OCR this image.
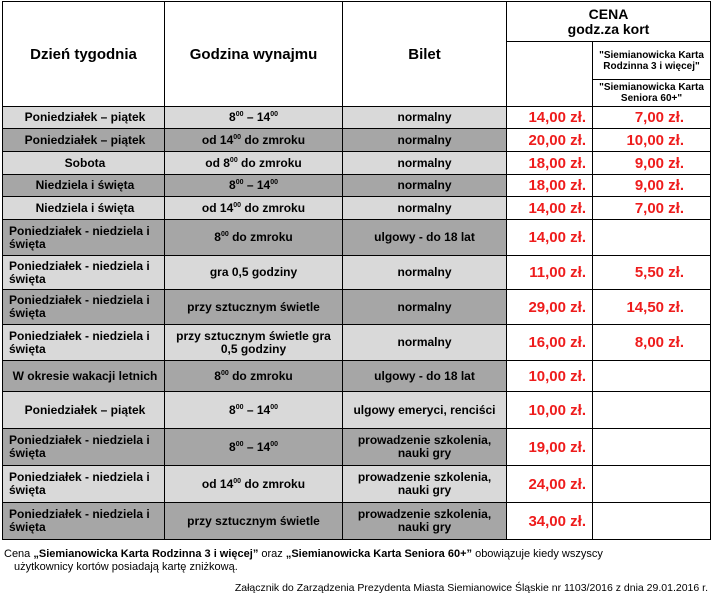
Dzień tygodnia	Godzina wynajmu	Bilet	CENA
godz.za kort	

				"Siemianowicka Karta Rodzinna 3 i więcej"
				"Siemianowicka Karta Seniora 60+"
Poniedziałek – piątek	$8^{00} - 14^{00}$	normalny	14,00 zł.	7,00 zł.
Poniedziałek – piątek	od $14^{00}$ do zmroku	normalny	20,00 zł.	10,00 zł.
Sobota	od $8^{00}$ do zmroku	normalny	18,00 zł.	9,00 zł.
Niedziela i święta	$8^{00} - 14^{00}$	normalny	18,00 zł.	9,00 zł.
Niedziela i święta	od $14^{00}$ do zmroku	normalny	14,00 zł.	7,00 zł.
Poniedziałek - niedziela i święta	$8^{00}$ do zmroku	ulgowy - do 18 lat	14,00 zł.	
Poniedziałek - niedziela i święta	gra 0,5 godziny	normalny	11,00 zł.	5,50 zł.
Poniedziałek - niedziela i święta	przy sztucznym świetle	normalny	29,00 zł.	14,50 zł.
Poniedziałek - niedziela i święta	przy sztucznym świetle gra 0,5 godziny	normalny	16,00 zł.	8,00 zł.
W okresie wakacji letnich	$8^{00}$ do zmroku	ulgowy - do 18 lat	10,00 zł.	
Poniedziałek – piątek	$8^{00} - 14^{00}$	ulgowy emeryci, renciści	10,00 zł.	
Poniedziałek - niedziela i święta	$8^{00} - 14^{00}$	prowadzenie szkolenia, nauki gry	19,00 zł.	
Poniedziałek - niedziela i święta	od $14^{00}$ do zmroku	prowadzenie szkolenia, nauki gry	24,00 zł.	
Poniedziałek - niedziela i święta	przy sztucznym świetle	prowadzenie szkolenia, nauki gry	34,00 zł.	
Cena „Siemianowicka Karta Rodzinna 3 i więcej” oraz „Siemianowicka Karta Seniora 60+” obowiązuje kiedy wszyscy
użytkownicy kortów posiadają kartę zniżkową.
Załącznik do Zarządzenia Prezydenta Miasta Siemianowice Śląskie nr 1103/2016 z dnia 29.01.2016 r.
